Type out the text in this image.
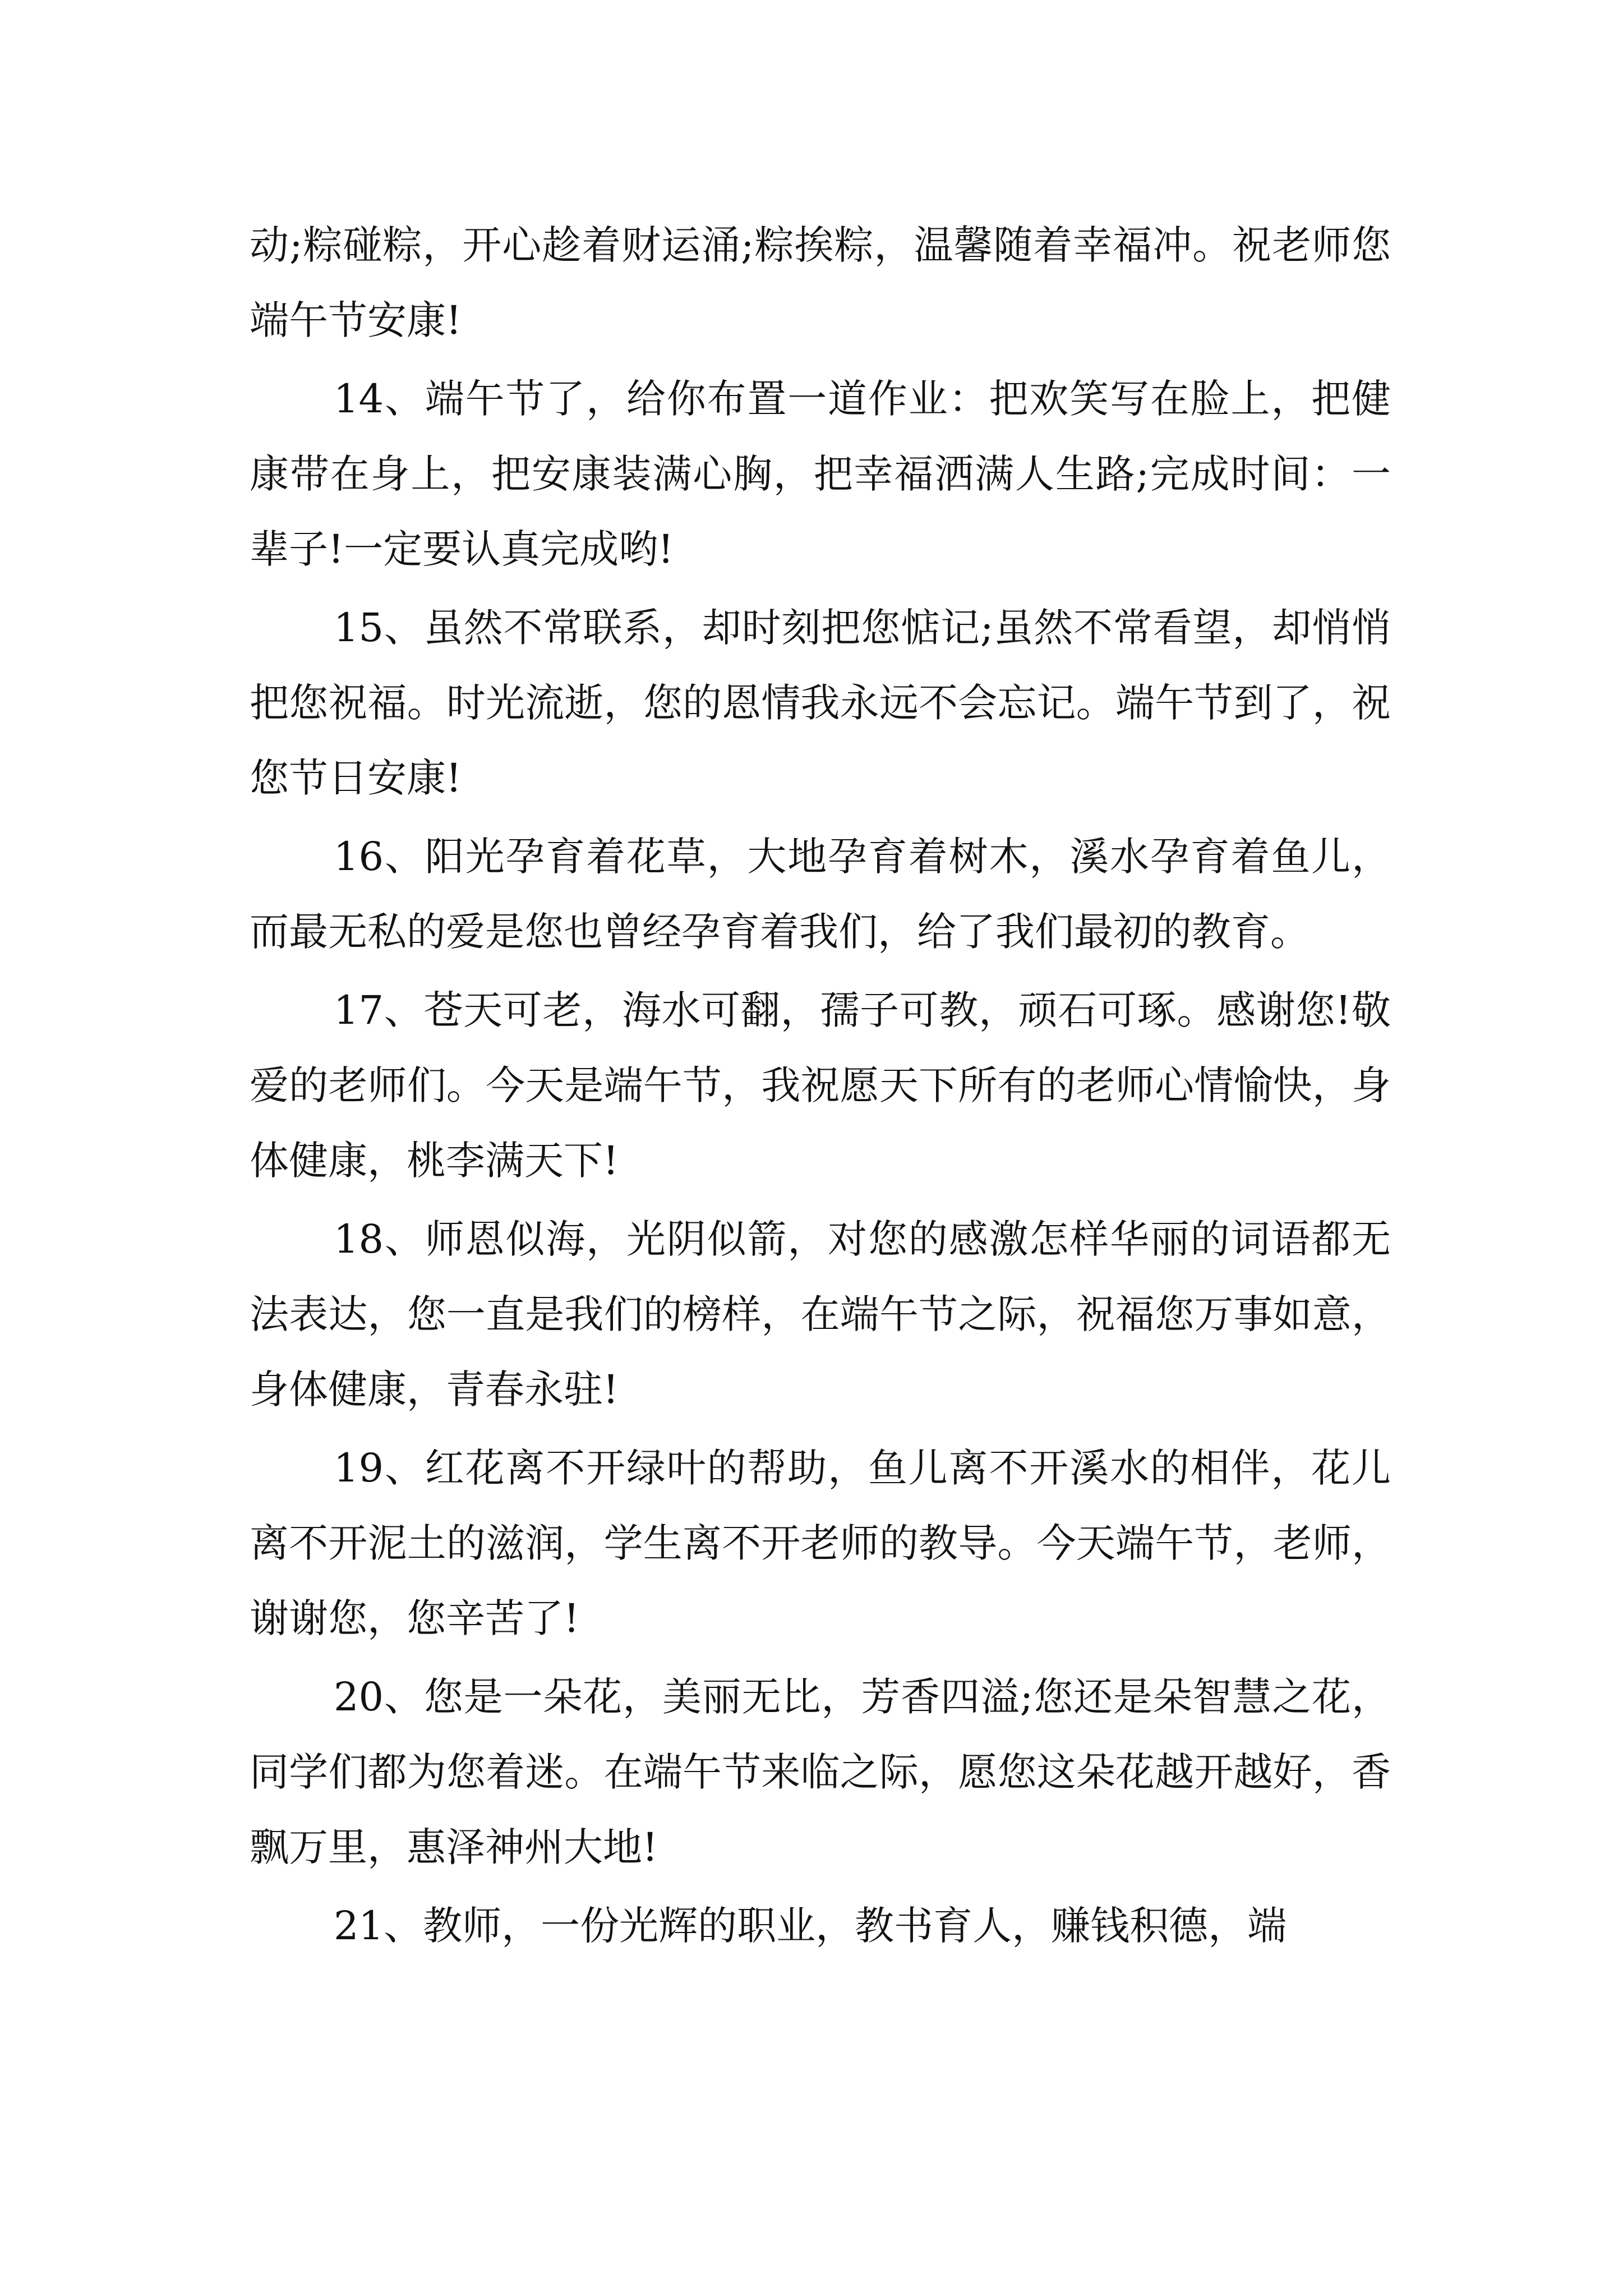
动;粽碰粽，开心趁着财运涌;粽挨粽，温馨随着幸福冲。祝老师您端午节安康!

14、端午节了，给你布置一道作业：把欢笑写在脸上，把健康带在身上，把安康装满心胸，把幸福洒满人生路;完成时间：一辈子!一定要认真完成哟!

15、虽然不常联系，却时刻把您惦记;虽然不常看望，却悄悄把您祝福。时光流逝，您的恩情我永远不会忘记。端午节到了，祝您节日安康!

16、阳光孕育着花草，大地孕育着树木，溪水孕育着鱼儿，而最无私的爱是您也曾经孕育着我们，给了我们最初的教育。

17、苍天可老，海水可翻，孺子可教，顽石可琢。感谢您!敬爱的老师们。今天是端午节，我祝愿天下所有的老师心情愉快，身体健康，桃李满天下!

18、师恩似海，光阴似箭，对您的感激怎样华丽的词语都无法表达，您一直是我们的榜样，在端午节之际，祝福您万事如意，身体健康，青春永驻!

19、红花离不开绿叶的帮助，鱼儿离不开溪水的相伴，花儿离不开泥土的滋润，学生离不开老师的教导。今天端午节，老师，谢谢您，您辛苦了!

20、您是一朵花，美丽无比，芳香四溢;您还是朵智慧之花，同学们都为您着迷。在端午节来临之际，愿您这朵花越开越好，香飘万里，惠泽神州大地!

21、教师，一份光辉的职业，教书育人，赚钱积德，端
